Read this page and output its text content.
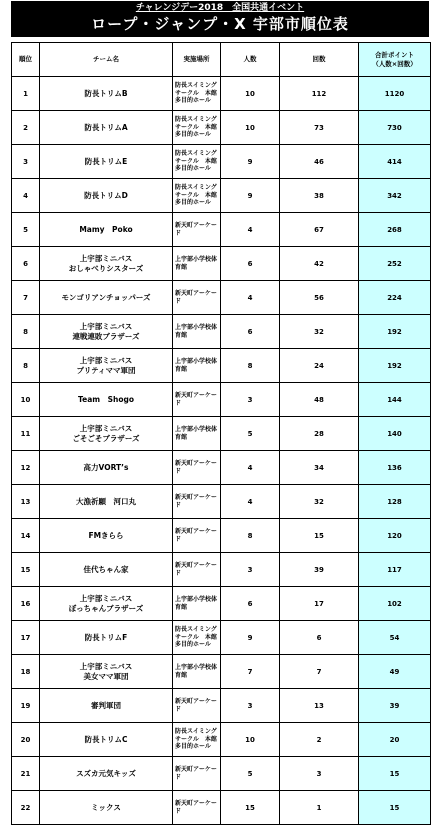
チャレンジデー2018　全国共通イベント
ロープ・ジャンプ・X 宇部市順位表
順位	チーム名	実施場所	人数	回数	合計ポイント
（人数×回数）
1	防長トリムB	防長スイミング
サークル　本館
多目的ホール	10	112	1120
2	防長トリムA	防長スイミング
サークル　本館
多目的ホール	10	73	730
3	防長トリムE	防長スイミング
サークル　本館
多目的ホール	9	46	414
4	防長トリムD	防長スイミング
サークル　本館
多目的ホール	9	38	342
5	Mamy　Poko	新天町アーケー
ド	4	67	268
6	上宇部ミニバス
おしゃべりシスターズ	上宇部小学校体
育館	6	42	252
7	モンゴリアンチョッパーズ	新天町アーケー
ド	4	56	224
8	上宇部ミニバス
連戦連敗ブラザーズ	上宇部小学校体
育館	6	32	192
8	上宇部ミニバス
プリティママ軍団	上宇部小学校体
育館	8	24	192
10	Team　Shogo	新天町アーケー
ド	3	48	144
11	上宇部ミニバス
ごそごそブラザーズ	上宇部小学校体
育館	5	28	140
12	高力VORT’s	新天町アーケー
ド	4	34	136
13	大漁祈願　河口丸	新天町アーケー
ド	4	32	128
14	FMきらら	新天町アーケー
ド	8	15	120
15	佳代ちゃん家	新天町アーケー
ド	3	39	117
16	上宇部ミニバス
ぼっちゃんブラザーズ	上宇部小学校体
育館	6	17	102
17	防長トリムF	防長スイミング
サークル　本館
多目的ホール	9	6	54
18	上宇部ミニバス
美女ママ軍団	上宇部小学校体
育館	7	7	49
19	審判軍団	新天町アーケー
ド	3	13	39
20	防長トリムC	防長スイミング
サークル　本館
多目的ホール	10	2	20
21	スズカ元気キッズ	新天町アーケー
ド	5	3	15
22	ミックス	新天町アーケー
ド	15	1	15
